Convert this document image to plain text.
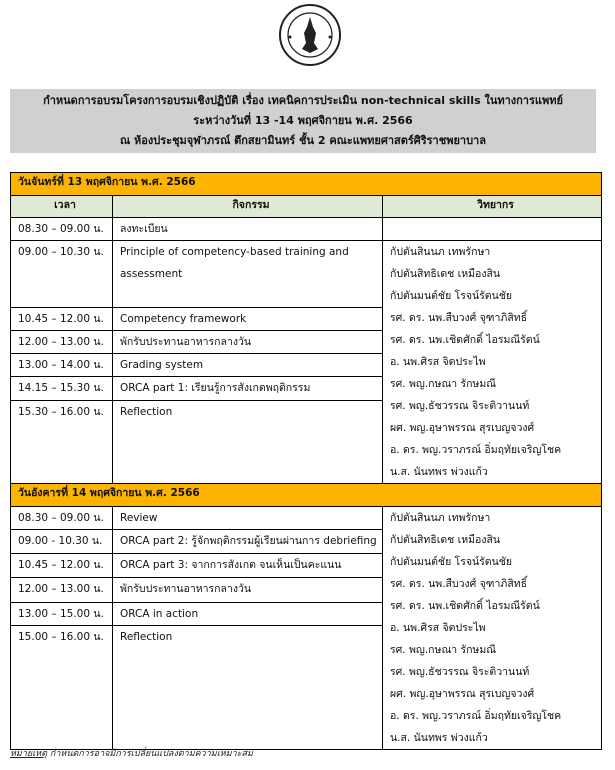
กำหนดการอบรมโครงการอบรมเชิงปฏิบัติ เรื่อง เทคนิคการประเมิน non-technical skills ในทางการแพทย์
ระหว่างวันที่ 13 -14 พฤศจิกายน พ.ศ. 2566
ณ ห้องประชุมจุฬาภรณ์ ตึกสยามินทร์ ชั้น 2 คณะแพทยศาสตร์ศิริราชพยาบาล
วันจันทร์ที่ 13 พฤศจิกายน พ.ศ. 2566		
เวลา	กิจกรรม	วิทยากร

08.30 – 09.00 น.	ลงทะเบียน	

09.00 – 10.30 น.	Principle of competency-based training and
assessment

กัปตันสินนภ เทพรักษา
กัปตันสิทธิเดช เหมืองสิน
กัปตันมนต์ชัย โรจน์รัตนชัย
รศ. ดร. นพ.สืบวงศ์ จุฑาภิสิทธิ์
รศ. ดร. นพ.เชิดศักดิ์ ไอรมณีรัตน์
อ. นพ.ศิรส จิตประไพ
รศ. พญ.กษณา รักษมณี
รศ. พญ.ธัชวรรณ จิระติวานนท์
ผศ. พญ.อุษาพรรณ สุรเบญจวงศ์
อ. ดร. พญ.วราภรณ์ อิ่มฤทัยเจริญโชค
น.ส. นันทพร พ่วงแก้ว

10.45 – 12.00 น.	Competency framework	

12.00 – 13.00 น.	พักรับประทานอาหารกลางวัน	

13.00 – 14.00 น.	Grading system	

14.15 – 15.30 น.	ORCA part 1: เรียนรู้การสังเกตพฤติกรรม	

15.30 – 16.00 น.	Reflection	

วันอังคารที่ 14 พฤศจิกายน พ.ศ. 2566		

08.30 – 09.00 น.	Review	กัปตันสินนภ เทพรักษา
กัปตันสิทธิเดช เหมืองสิน
กัปตันมนต์ชัย โรจน์รัตนชัย
รศ. ดร. นพ.สืบวงศ์ จุฑาภิสิทธิ์
รศ. ดร. นพ.เชิดศักดิ์ ไอรมณีรัตน์
อ. นพ.ศิรส จิตประไพ
รศ. พญ.กษณา รักษมณี
รศ. พญ.ธัชวรรณ จิระติวานนท์
ผศ. พญ.อุษาพรรณ สุรเบญจวงศ์
อ. ดร. พญ.วราภรณ์ อิ่มฤทัยเจริญโชค
น.ส. นันทพร พ่วงแก้ว

09.00 - 10.30 น.	ORCA part 2: รู้จักพฤติกรรมผู้เรียนผ่านการ debriefing	

10.45 – 12.00 น.	ORCA part 3: จากการสังเกต จนเห็นเป็นคะแนน	

12.00 – 13.00 น.	พักรับประทานอาหารกลางวัน	

13.00 – 15.00 น.	ORCA in action	

15.00 – 16.00 น.	Reflection	
หมายเหตุ กำหนดการอาจมีการเปลี่ยนแปลงตามความเหมาะสม
